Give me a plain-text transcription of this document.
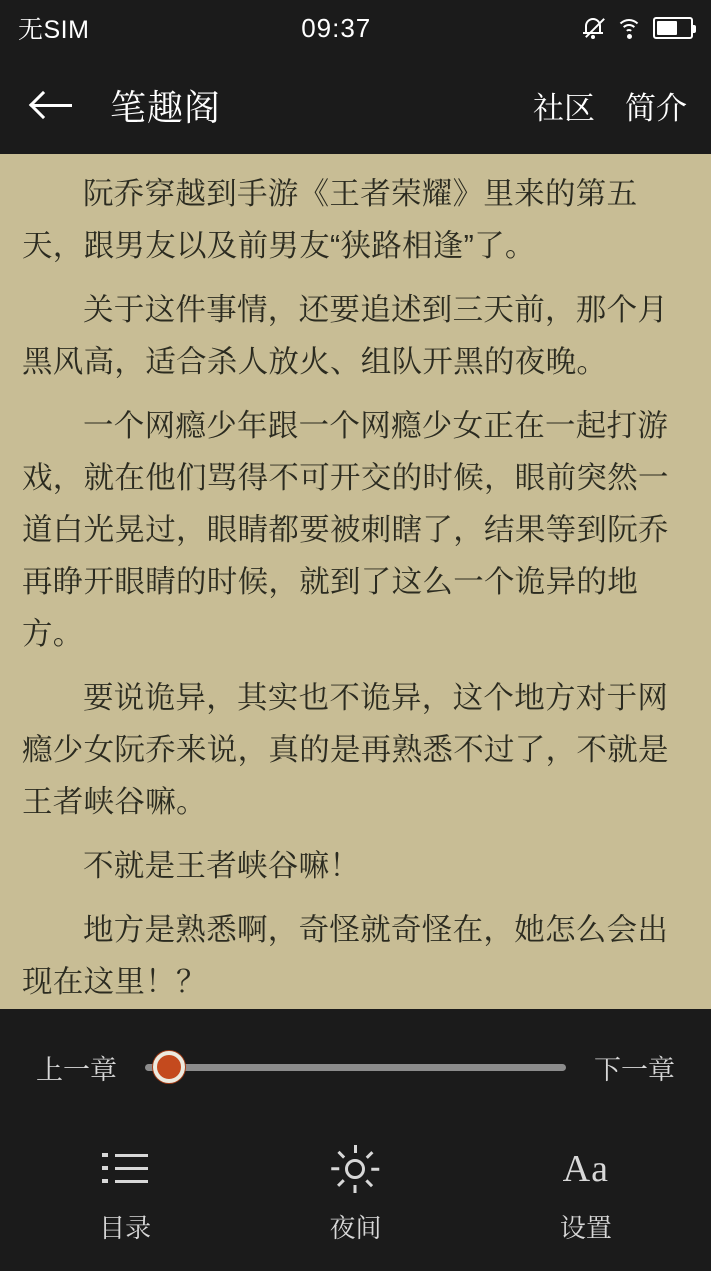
无SIM	09:37
笔趣阁	社区 简介

阮乔穿越到手游《王者荣耀》里来的第五天，跟男友以及前男友“狭路相逢”了。

关于这件事情，还要追述到三天前，那个月黑风高，适合杀人放火、组队开黑的夜晚。

一个网瘾少年跟一个网瘾少女正在一起打游戏，就在他们骂得不可开交的时候，眼前突然一道白光晃过，眼睛都要被刺瞎了，结果等到阮乔再睁开眼睛的时候，就到了这么一个诡异的地方。

要说诡异，其实也不诡异，这个地方对于网瘾少女阮乔来说，真的是再熟悉不过了，不就是王者峡谷嘛。

不就是王者峡谷嘛！

地方是熟悉啊，奇怪就奇怪在，她怎么会出现在这里！？

上一章	下一章
目录	夜间
Aa
设置
